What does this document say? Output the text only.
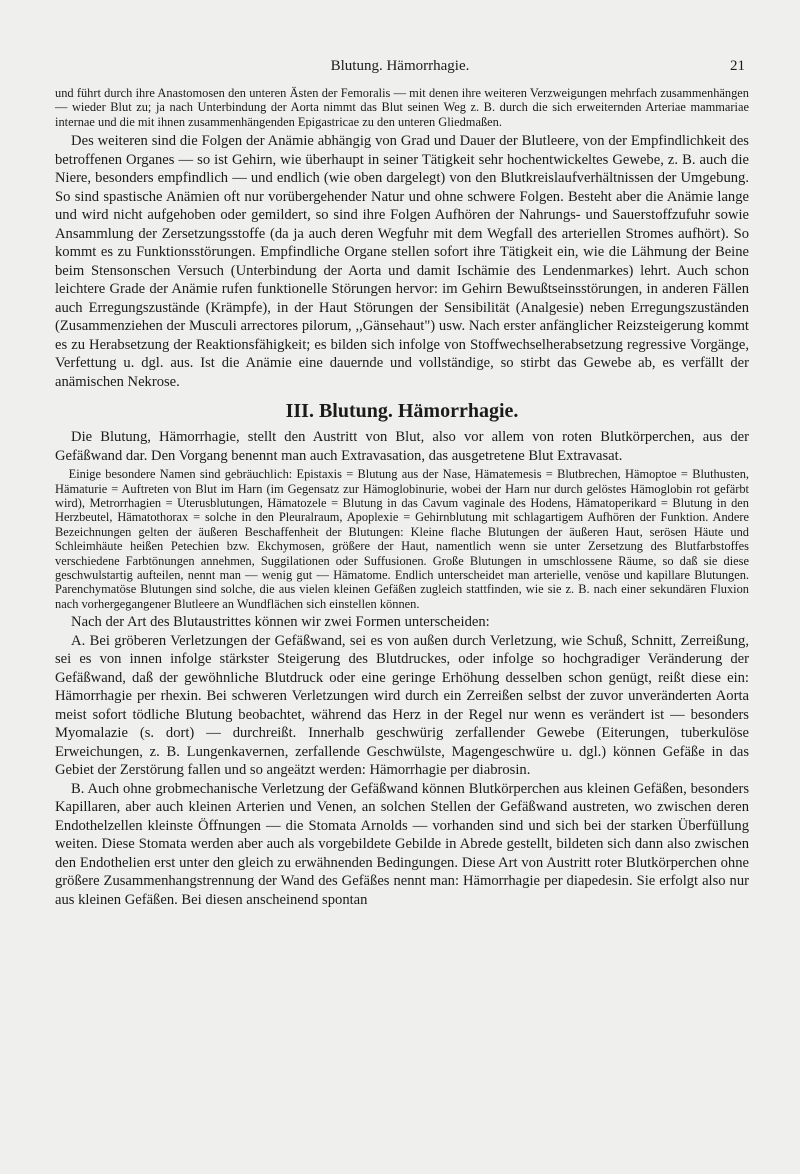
Blutung. Hämorrhagie.	21

und führt durch ihre Anastomosen den unteren Ästen der Femoralis — mit denen ihre weiteren Verzweigungen mehrfach zusammenhängen — wieder Blut zu; ja nach Unterbindung der Aorta nimmt das Blut seinen Weg z. B. durch die sich erweiternden Arteriae mammariae internae und die mit ihnen zusammenhängenden Epigastricae zu den unteren Gliedmaßen.

Des weiteren sind die Folgen der Anämie abhängig von Grad und Dauer der Blutleere, von der Empfindlichkeit des betroffenen Organes — so ist Gehirn, wie überhaupt in seiner Tätigkeit sehr hochentwickeltes Gewebe, z. B. auch die Niere, besonders empfindlich — und endlich (wie oben dargelegt) von den Blutkreislaufverhältnissen der Umgebung. So sind spastische Anämien oft nur vorübergehender Natur und ohne schwere Folgen. Besteht aber die Anämie lange und wird nicht aufgehoben oder gemildert, so sind ihre Folgen Aufhören der Nahrungs- und Sauerstoffzufuhr sowie Ansammlung der Zersetzungsstoffe (da ja auch deren Wegfuhr mit dem Wegfall des arteriellen Stromes aufhört). So kommt es zu Funktionsstörungen. Empfindliche Organe stellen sofort ihre Tätigkeit ein, wie die Lähmung der Beine beim Stensonschen Versuch (Unterbindung der Aorta und damit Ischämie des Lendenmarkes) lehrt. Auch schon leichtere Grade der Anämie rufen funktionelle Störungen hervor: im Gehirn Bewußtseinsstörungen, in anderen Fällen auch Erregungszustände (Krämpfe), in der Haut Störungen der Sensibilität (Analgesie) neben Erregungszuständen (Zusammenziehen der Musculi arrectores pilorum, ,,Gänsehaut") usw. Nach erster anfänglicher Reizsteigerung kommt es zu Herabsetzung der Reaktionsfähigkeit; es bilden sich infolge von Stoffwechselherabsetzung regressive Vorgänge, Verfettung u. dgl. aus. Ist die Anämie eine dauernde und vollständige, so stirbt das Gewebe ab, es verfällt der anämischen Nekrose.

III. Blutung. Hämorrhagie.

Die Blutung, Hämorrhagie, stellt den Austritt von Blut, also vor allem von roten Blutkörperchen, aus der Gefäßwand dar. Den Vorgang benennt man auch Extravasation, das ausgetretene Blut Extravasat.

Einige besondere Namen sind gebräuchlich: Epistaxis = Blutung aus der Nase, Hämatemesis = Blutbrechen, Hämoptoe = Bluthusten, Hämaturie = Auftreten von Blut im Harn (im Gegensatz zur Hämoglobinurie, wobei der Harn nur durch gelöstes Hämoglobin rot gefärbt wird), Metrorrhagien = Uterusblutungen, Hämatozele = Blutung in das Cavum vaginale des Hodens, Hämatoperikard = Blutung in den Herzbeutel, Hämatothorax = solche in den Pleuralraum, Apoplexie = Gehirnblutung mit schlagartigem Aufhören der Funktion. Andere Bezeichnungen gelten der äußeren Beschaffenheit der Blutungen: Kleine flache Blutungen der äußeren Haut, serösen Häute und Schleimhäute heißen Petechien bzw. Ekchymosen, größere der Haut, namentlich wenn sie unter Zersetzung des Blutfarbstoffes verschiedene Farbtönungen annehmen, Suggilationen oder Suffusionen. Große Blutungen in umschlossene Räume, so daß sie diese geschwulstartig aufteilen, nennt man — wenig gut — Hämatome. Endlich unterscheidet man arterielle, venöse und kapillare Blutungen. Parenchymatöse Blutungen sind solche, die aus vielen kleinen Gefäßen zugleich stattfinden, wie sie z. B. nach einer sekundären Fluxion nach vorhergegangener Blutleere an Wundflächen sich einstellen können.

Nach der Art des Blutaustrittes können wir zwei Formen unterscheiden:

A. Bei gröberen Verletzungen der Gefäßwand, sei es von außen durch Verletzung, wie Schuß, Schnitt, Zerreißung, sei es von innen infolge stärkster Steigerung des Blutdruckes, oder infolge so hochgradiger Veränderung der Gefäßwand, daß der gewöhnliche Blutdruck oder eine geringe Erhöhung desselben schon genügt, reißt diese ein: Hämorrhagie per rhexin. Bei schweren Verletzungen wird durch ein Zerreißen selbst der zuvor unveränderten Aorta meist sofort tödliche Blutung beobachtet, während das Herz in der Regel nur wenn es verändert ist — besonders Myomalazie (s. dort) — durchreißt. Innerhalb geschwürig zerfallender Gewebe (Eiterungen, tuberkulöse Erweichungen, z. B. Lungenkavernen, zerfallende Geschwülste, Magengeschwüre u. dgl.) können Gefäße in das Gebiet der Zerstörung fallen und so angeätzt werden: Hämorrhagie per diabrosin.

B. Auch ohne grobmechanische Verletzung der Gefäßwand können Blutkörperchen aus kleinen Gefäßen, besonders Kapillaren, aber auch kleinen Arterien und Venen, an solchen Stellen der Gefäßwand austreten, wo zwischen deren Endothelzellen kleinste Öffnungen — die Stomata Arnolds — vorhanden sind und sich bei der starken Überfüllung weiten. Diese Stomata werden aber auch als vorgebildete Gebilde in Abrede gestellt, bildeten sich dann also zwischen den Endothelien erst unter den gleich zu erwähnenden Bedingungen. Diese Art von Austritt roter Blutkörperchen ohne größere Zusammenhangstrennung der Wand des Gefäßes nennt man: Hämorrhagie per diapedesin. Sie erfolgt also nur aus kleinen Gefäßen. Bei diesen anscheinend spontan
